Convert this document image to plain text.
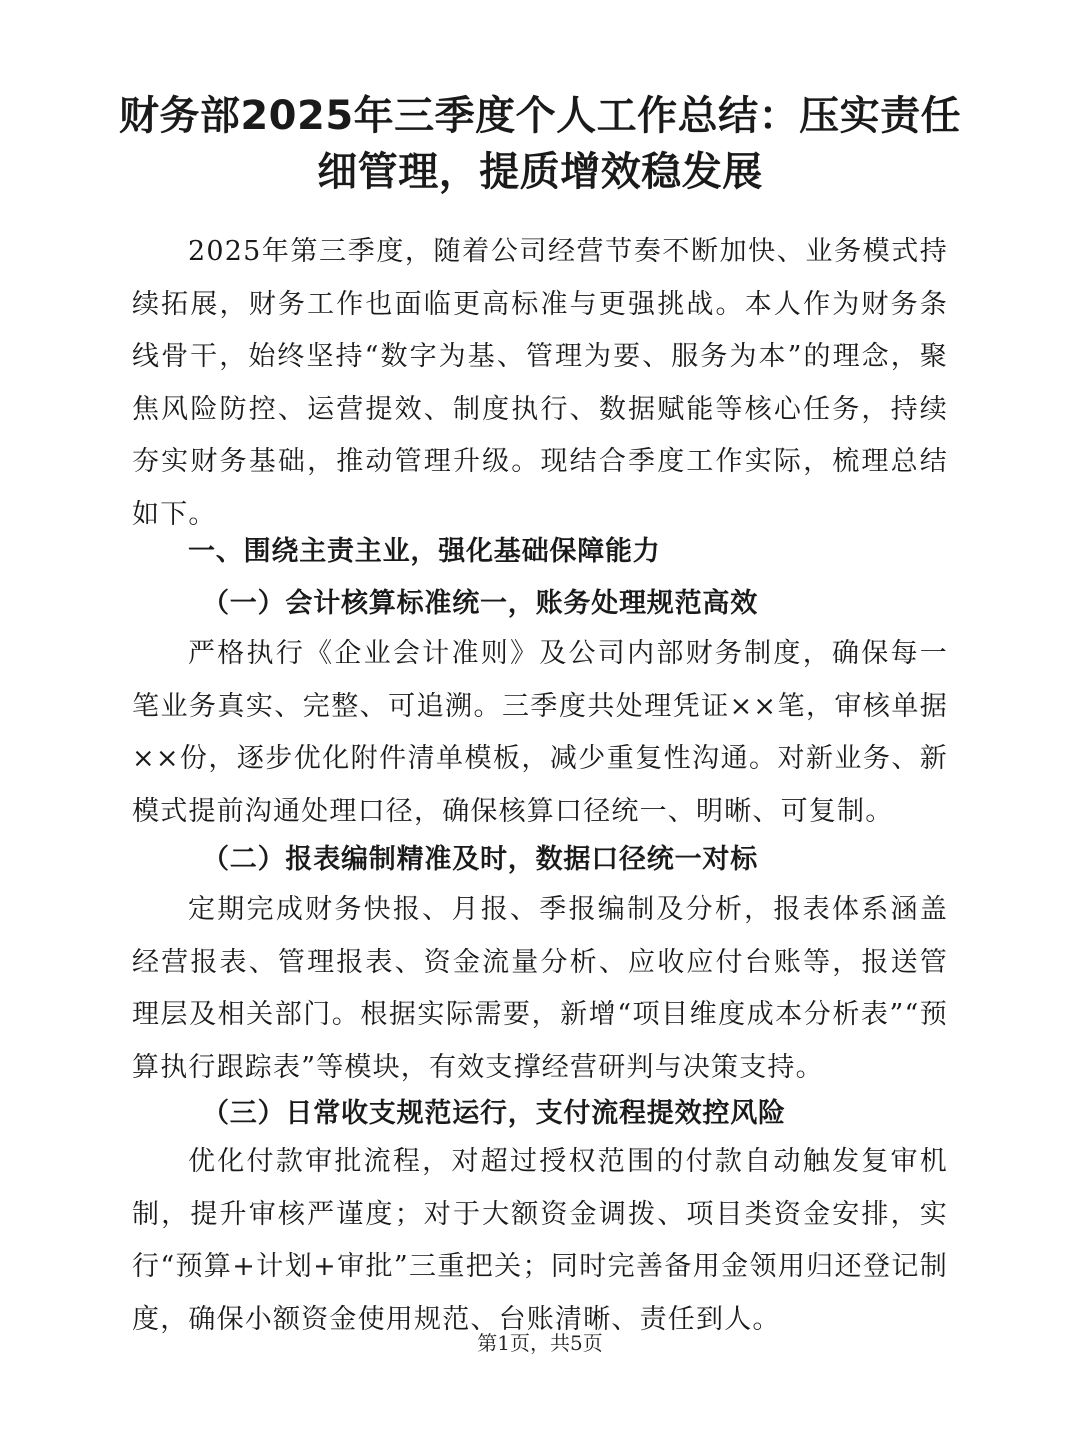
财务部2025年三季度个人工作总结：压实责任细管理，提质增效稳发展

2025年第三季度，随着公司经营节奏不断加快、业务模式持续拓展，财务工作也面临更高标准与更强挑战。本人作为财务条线骨干，始终坚持“数字为基、管理为要、服务为本”的理念，聚焦风险防控、运营提效、制度执行、数据赋能等核心任务，持续夯实财务基础，推动管理升级。现结合季度工作实际，梳理总结如下。

一、围绕主责主业，强化基础保障能力
（一）会计核算标准统一，账务处理规范高效

严格执行《企业会计准则》及公司内部财务制度，确保每一笔业务真实、完整、可追溯。三季度共处理凭证××笔，审核单据××份，逐步优化附件清单模板，减少重复性沟通。对新业务、新模式提前沟通处理口径，确保核算口径统一、明晰、可复制。

（二）报表编制精准及时，数据口径统一对标

定期完成财务快报、月报、季报编制及分析，报表体系涵盖经营报表、管理报表、资金流量分析、应收应付台账等，报送管理层及相关部门。根据实际需要，新增“项目维度成本分析表”“预算执行跟踪表”等模块，有效支撑经营研判与决策支持。

（三）日常收支规范运行，支付流程提效控风险

优化付款审批流程，对超过授权范围的付款自动触发复审机制，提升审核严谨度；对于大额资金调拨、项目类资金安排，实行“预算+计划+审批”三重把关；同时完善备用金领用归还登记制度，确保小额资金使用规范、台账清晰、责任到人。

第1页，共5页
